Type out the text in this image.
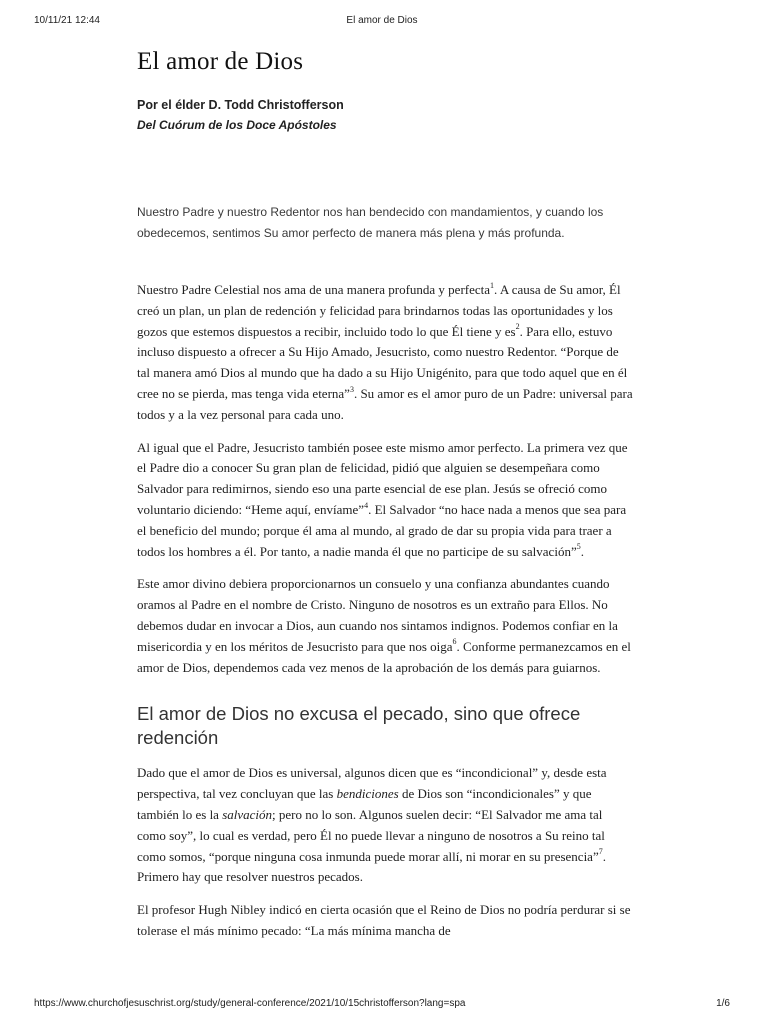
10/11/21 12:44	El amor de Dios
El amor de Dios

Por el élder D. Todd Christofferson

Del Cuórum de los Doce Apóstoles

Nuestro Padre y nuestro Redentor nos han bendecido con mandamientos, y cuando los obedecemos, sentimos Su amor perfecto de manera más plena y más profunda.

Nuestro Padre Celestial nos ama de una manera profunda y perfecta$^1$. A causa de Su amor, Él creó un plan, un plan de redención y felicidad para brindarnos todas las oportunidades y los gozos que estemos dispuestos a recibir, incluido todo lo que Él tiene y $es^2$. Para ello, estuvo incluso dispuesto a ofrecer a Su Hijo Amado, Jesucristo, como nuestro Redentor. “Porque de tal manera amó Dios al mundo que ha dado a su Hijo Unigénito, para que todo aquel que en él cree no se pierda, mas tenga vida eterna”$^3$. Su amor es el amor puro de un Padre: universal para todos y a la vez personal para cada uno.

Al igual que el Padre, Jesucristo también posee este mismo amor perfecto. La primera vez que el Padre dio a conocer Su gran plan de felicidad, pidió que alguien se desempeñara como Salvador para redimirnos, siendo eso una parte esencial de ese plan. Jesús se ofreció como voluntario diciendo: “Heme aquí, envíame”$^4$. El Salvador “no hace nada a menos que sea para el beneficio del mundo; porque él ama al mundo, al grado de dar su propia vida para traer a todos los hombres a él. Por tanto, a nadie manda él que no participe de su salvación”$^5$.

Este amor divino debiera proporcionarnos un consuelo y una confianza abundantes cuando oramos al Padre en el nombre de Cristo. Ninguno de nosotros es un extraño para Ellos. No debemos dudar en invocar a Dios, aun cuando nos sintamos indignos. Podemos confiar en la misericordia y en los méritos de Jesucristo para que nos oiga$^6$. Conforme permanezcamos en el amor de Dios, dependemos cada vez menos de la aprobación de los demás para guiarnos.

El amor de Dios no excusa el pecado, sino que ofrece redención

Dado que el amor de Dios es universal, algunos dicen que es “incondicional” y, desde esta perspectiva, tal vez concluyan que las bendiciones de Dios son “incondicionales” y que también lo es la salvación; pero no lo son. Algunos suelen decir: “El Salvador me ama tal como soy”, lo cual es verdad, pero Él no puede llevar a ninguno de nosotros a Su reino tal como somos, “porque ninguna cosa inmunda puede morar allí, ni morar en su presencia”$^7$. Primero hay que resolver nuestros pecados.

El profesor Hugh Nibley indicó en cierta ocasión que el Reino de Dios no podría perdurar si se tolerase el más mínimo pecado: “La más mínima mancha de

https://www.churchofjesuschrist.org/study/general-conference/2021/10/15christofferson?lang=spa	1/6
